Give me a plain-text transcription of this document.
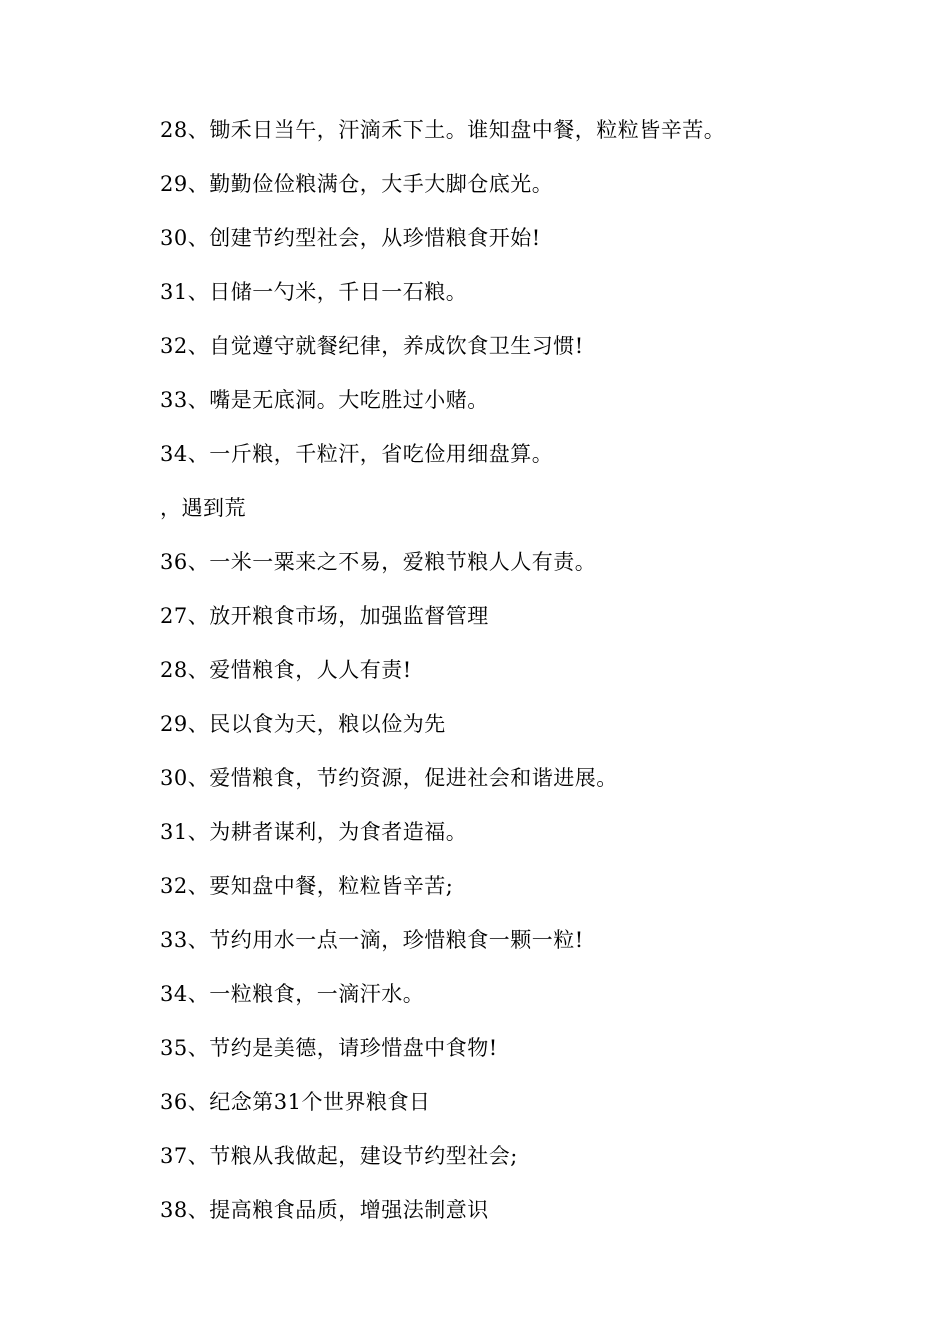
28、锄禾日当午，汗滴禾下土。谁知盘中餐，粒粒皆辛苦。
29、勤勤俭俭粮满仓，大手大脚仓底光。
30、创建节约型社会，从珍惜粮食开始!
31、日储一勺米，千日一石粮。
32、自觉遵守就餐纪律，养成饮食卫生习惯!
33、嘴是无底洞。大吃胜过小赌。
34、一斤粮，千粒汗，省吃俭用细盘算。
，遇到荒
36、一米一粟来之不易，爱粮节粮人人有责。
27、放开粮食市场，加强监督管理
28、爱惜粮食，人人有责!
29、民以食为天，粮以俭为先
30、爱惜粮食，节约资源，促进社会和谐进展。
31、为耕者谋利，为食者造福。
32、要知盘中餐，粒粒皆辛苦;
33、节约用水一点一滴，珍惜粮食一颗一粒!
34、一粒粮食，一滴汗水。
35、节约是美德，请珍惜盘中食物!
36、纪念第31个世界粮食日
37、节粮从我做起，建设节约型社会;
38、提高粮食品质，增强法制意识
